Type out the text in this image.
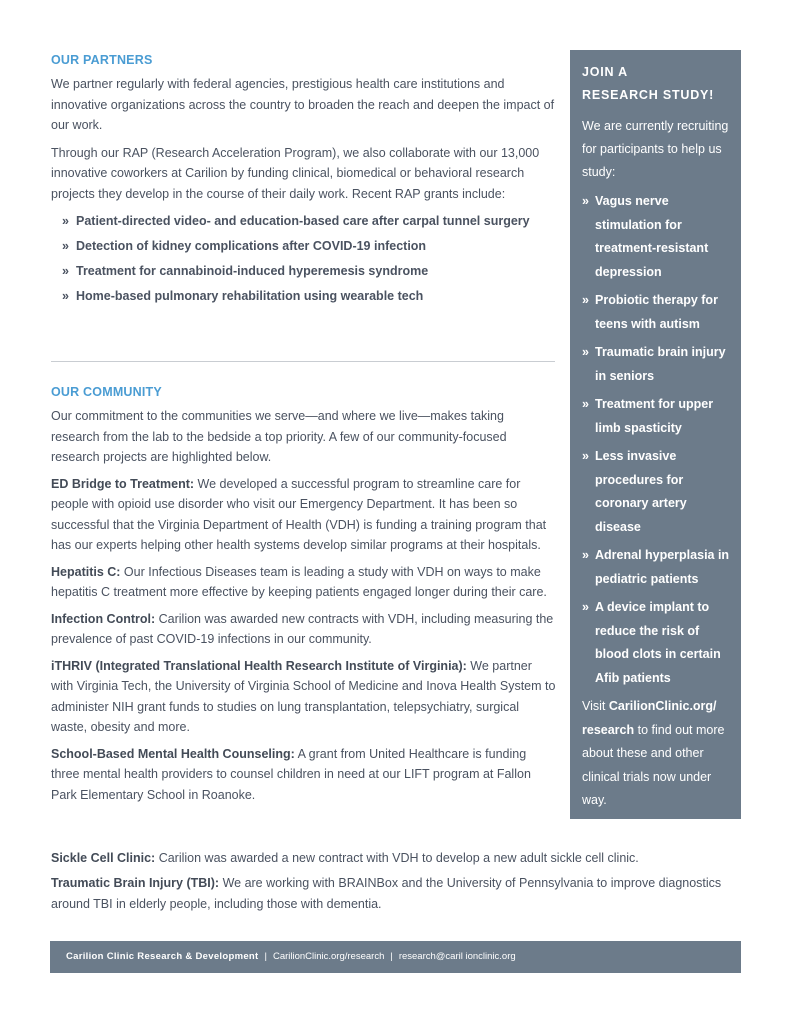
OUR PARTNERS

We partner regularly with federal agencies, prestigious health care institutions and innovative organizations across the country to broaden the reach and deepen the impact of our work.

Through our RAP (Research Acceleration Program), we also collaborate with our 13,000 innovative coworkers at Carilion by funding clinical, biomedical or behavioral research projects they develop in the course of their daily work. Recent RAP grants include:

» Patient-directed video- and education-based care after carpal tunnel surgery
» Detection of kidney complications after COVID-19 infection
» Treatment for cannabinoid-induced hyperemesis syndrome
» Home-based pulmonary rehabilitation using wearable tech
OUR COMMUNITY

Our commitment to the communities we serve—and where we live—makes taking research from the lab to the bedside a top priority. A few of our community-focused research projects are highlighted below.

ED Bridge to Treatment: We developed a successful program to streamline care for people with opioid use disorder who visit our Emergency Department. It has been so successful that the Virginia Department of Health (VDH) is funding a training program that has our experts helping other health systems develop similar programs at their hospitals.

Hepatitis C: Our Infectious Diseases team is leading a study with VDH on ways to make hepatitis C treatment more effective by keeping patients engaged longer during their care.

Infection Control: Carilion was awarded new contracts with VDH, including measuring the prevalence of past COVID-19 infections in our community.

iTHRIV (Integrated Translational Health Research Institute of Virginia): We partner with Virginia Tech, the University of Virginia School of Medicine and Inova Health System to administer NIH grant funds to studies on lung transplantation, telepsychiatry, surgical waste, obesity and more.

School-Based Mental Health Counseling: A grant from United Healthcare is funding three mental health providers to counsel children in need at our LIFT program at Fallon Park Elementary School in Roanoke.

Sickle Cell Clinic: Carilion was awarded a new contract with VDH to develop a new adult sickle cell clinic.

Traumatic Brain Injury (TBI): We are working with BRAINBox and the University of Pennsylvania to improve diagnostics around TBI in elderly people, including those with dementia.

JOIN A
RESEARCH STUDY!
We are currently recruiting for participants to help us study:
» Vagus nerve stimulation for treatment-resistant depression
» Probiotic therapy for teens with autism
» Traumatic brain injury in seniors
» Treatment for upper limb spasticity
» Less invasive procedures for coronary artery disease
» Adrenal hyperplasia in pediatric patients
» A device implant to reduce the risk of blood clots in certain Afib patients
Visit CarilionClinic.org/ research to find out more about these and other clinical trials now under way.
Carilion Clinic Research & Development | CarilionClinic.org/research | research@caril ionclinic.org
